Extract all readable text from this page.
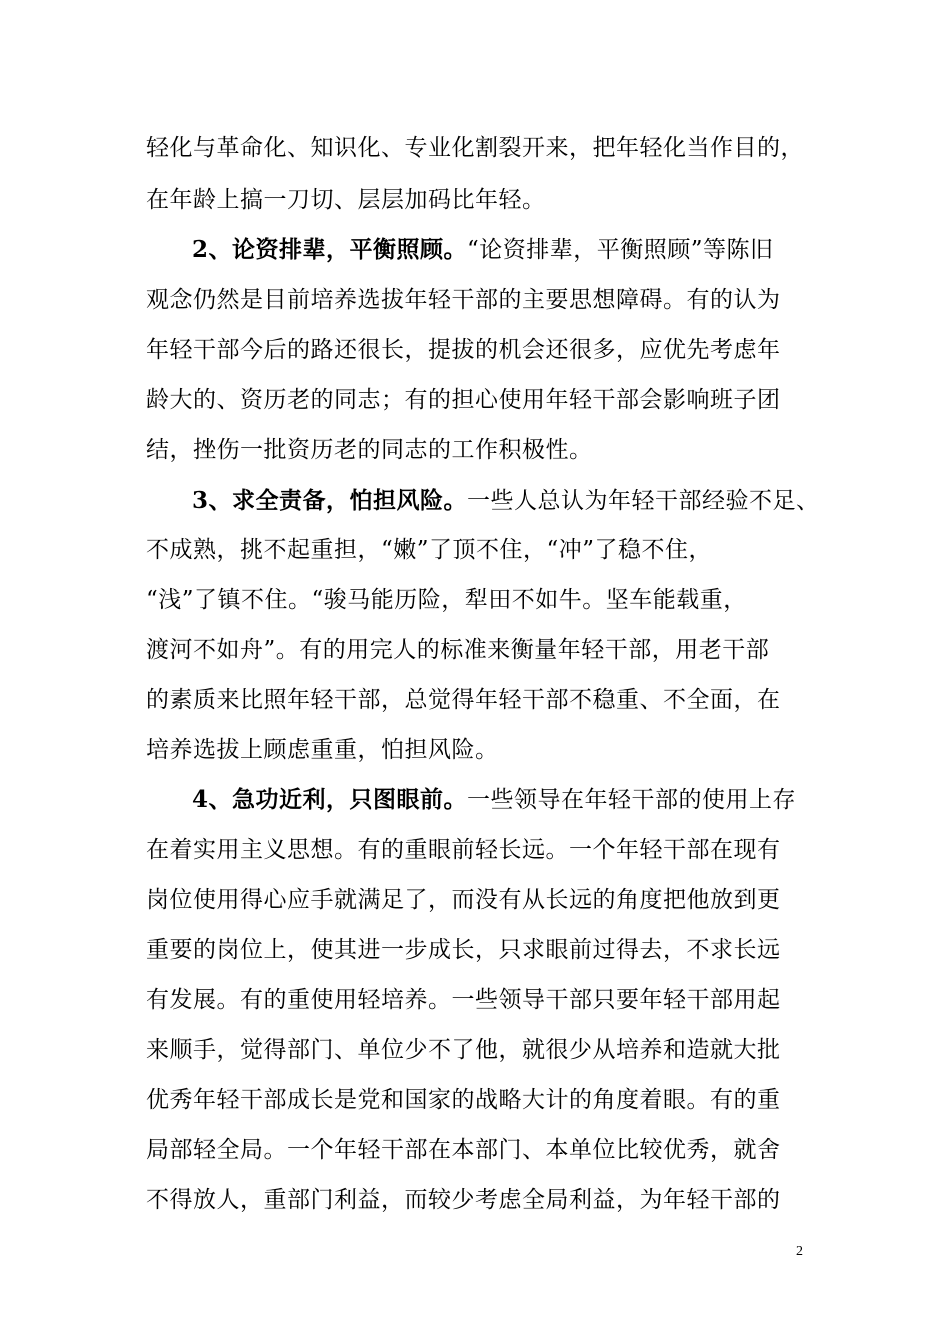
轻化与革命化、知识化、专业化割裂开来，把年轻化当作目的，
在年龄上搞一刀切、层层加码比年轻。
2、论资排辈，平衡照顾。“论资排辈，平衡照顾”等陈旧
观念仍然是目前培养选拔年轻干部的主要思想障碍。有的认为
年轻干部今后的路还很长，提拔的机会还很多，应优先考虑年
龄大的、资历老的同志；有的担心使用年轻干部会影响班子团
结，挫伤一批资历老的同志的工作积极性。
3、求全责备，怕担风险。一些人总认为年轻干部经验不足、
不成熟，挑不起重担，“嫩”了顶不住，“冲”了稳不住，
“浅”了镇不住。“骏马能历险，犁田不如牛。坚车能载重，
渡河不如舟”。有的用完人的标准来衡量年轻干部，用老干部
的素质来比照年轻干部，总觉得年轻干部不稳重、不全面，在
培养选拔上顾虑重重，怕担风险。
4、急功近利，只图眼前。一些领导在年轻干部的使用上存
在着实用主义思想。有的重眼前轻长远。一个年轻干部在现有
岗位使用得心应手就满足了，而没有从长远的角度把他放到更
重要的岗位上，使其进一步成长，只求眼前过得去，不求长远
有发展。有的重使用轻培养。一些领导干部只要年轻干部用起
来顺手，觉得部门、单位少不了他，就很少从培养和造就大批
优秀年轻干部成长是党和国家的战略大计的角度着眼。有的重
局部轻全局。一个年轻干部在本部门、本单位比较优秀，就舍
不得放人，重部门利益，而较少考虑全局利益，为年轻干部的
2
